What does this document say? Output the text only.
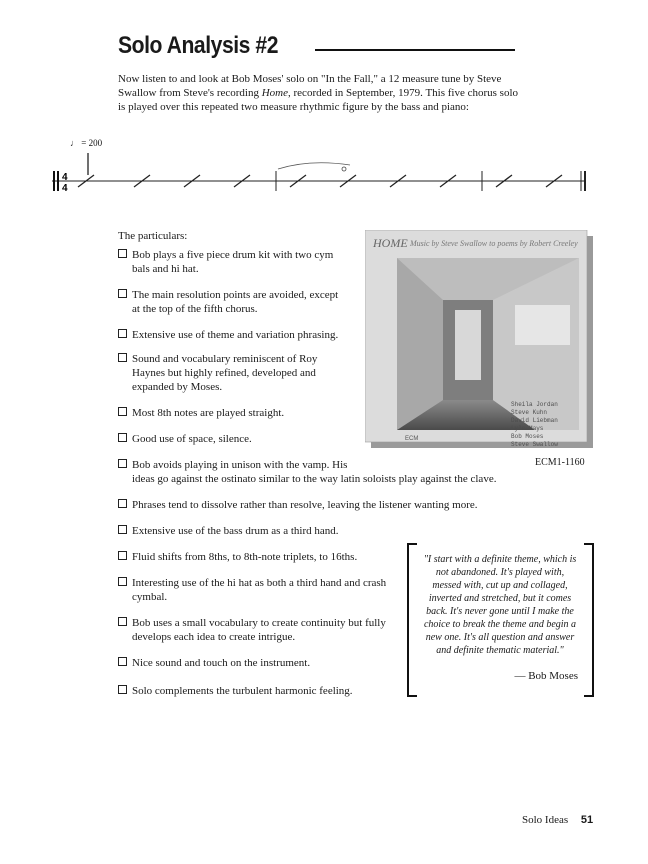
Solo Analysis #2

Now listen to and look at Bob Moses' solo on "In the Fall," a 12 measure tune by Steve Swallow from Steve's recording Home, recorded in September, 1979. This five chorus solo is played over this repeated two measure rhythmic figure by the bass and piano:

♩ = 200
4
4
The particulars:
Bob plays a five piece drum kit with two cym
bals and hi hat.
The main resolution points are avoided, except
at the top of the fifth chorus.
Extensive use of theme and variation phrasing.
Sound and vocabulary reminiscent of Roy
Haynes but highly refined, developed and
expanded by Moses.
Most 8th notes are played straight.
Good use of space, silence.
Bob avoids playing in unison with the vamp. His
ideas go against the ostinato similar to the way latin soloists play against the clave.
Phrases tend to dissolve rather than resolve, leaving the listener wanting more.
Extensive use of the bass drum as a third hand.
Fluid shifts from 8ths, to 8th-note triplets, to 16ths.
Interesting use of the hi hat as both a third hand and crash
cymbal.
Bob uses a small vocabulary to create continuity but fully
develops each idea to create intrigue.
Nice sound and touch on the instrument.
Solo complements the turbulent harmonic feeling.
HOME Music by Steve Swallow to poems by Robert Creeley
Sheila Jordan
Steve Kuhn
David Liebman
Lyle Mays
Bob Moses
Steve Swallow
ECM
ECM1-1160
"I start with a definite theme, which is not abandoned. It's played with, messed with, cut up and collaged, inverted and stretched, but it comes back. It's never gone until I make the choice to break the theme and begin a new one. It's all question and answer and definite thematic material."
— Bob Moses
Solo Ideas 51
